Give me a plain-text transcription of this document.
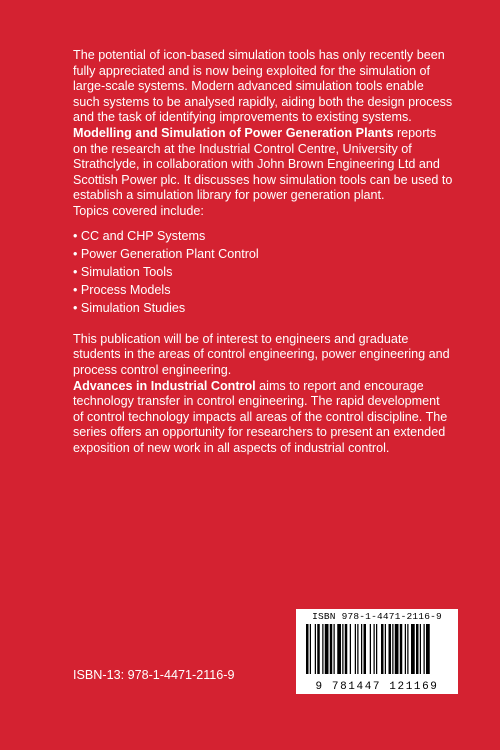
The potential of icon-based simulation tools has only recently been fully appreciated and is now being exploited for the simulation of large-scale systems. Modern advanced simulation tools enable such systems to be analysed rapidly, aiding both the design process and the task of identifying improvements to existing systems.

Modelling and Simulation of Power Generation Plants reports on the research at the Industrial Control Centre, University of Strathclyde, in collaboration with John Brown Engineering Ltd and Scottish Power plc. It discusses how simulation tools can be used to establish a simulation library for power generation plant.

Topics covered include:

• CC and CHP Systems
• Power Generation Plant Control
• Simulation Tools
• Process Models
• Simulation Studies

This publication will be of interest to engineers and graduate students in the areas of control engineering, power engineering and process control engineering.

Advances in Industrial Control aims to report and encourage technology transfer in control engineering. The rapid development of control technology impacts all areas of the control discipline. The series offers an opportunity for researchers to present an extended exposition of new work in all aspects of industrial control.

ISBN-13: 978-1-4471-2116-9
ISBN 978-1-4471-2116-9
9 781447 121169
